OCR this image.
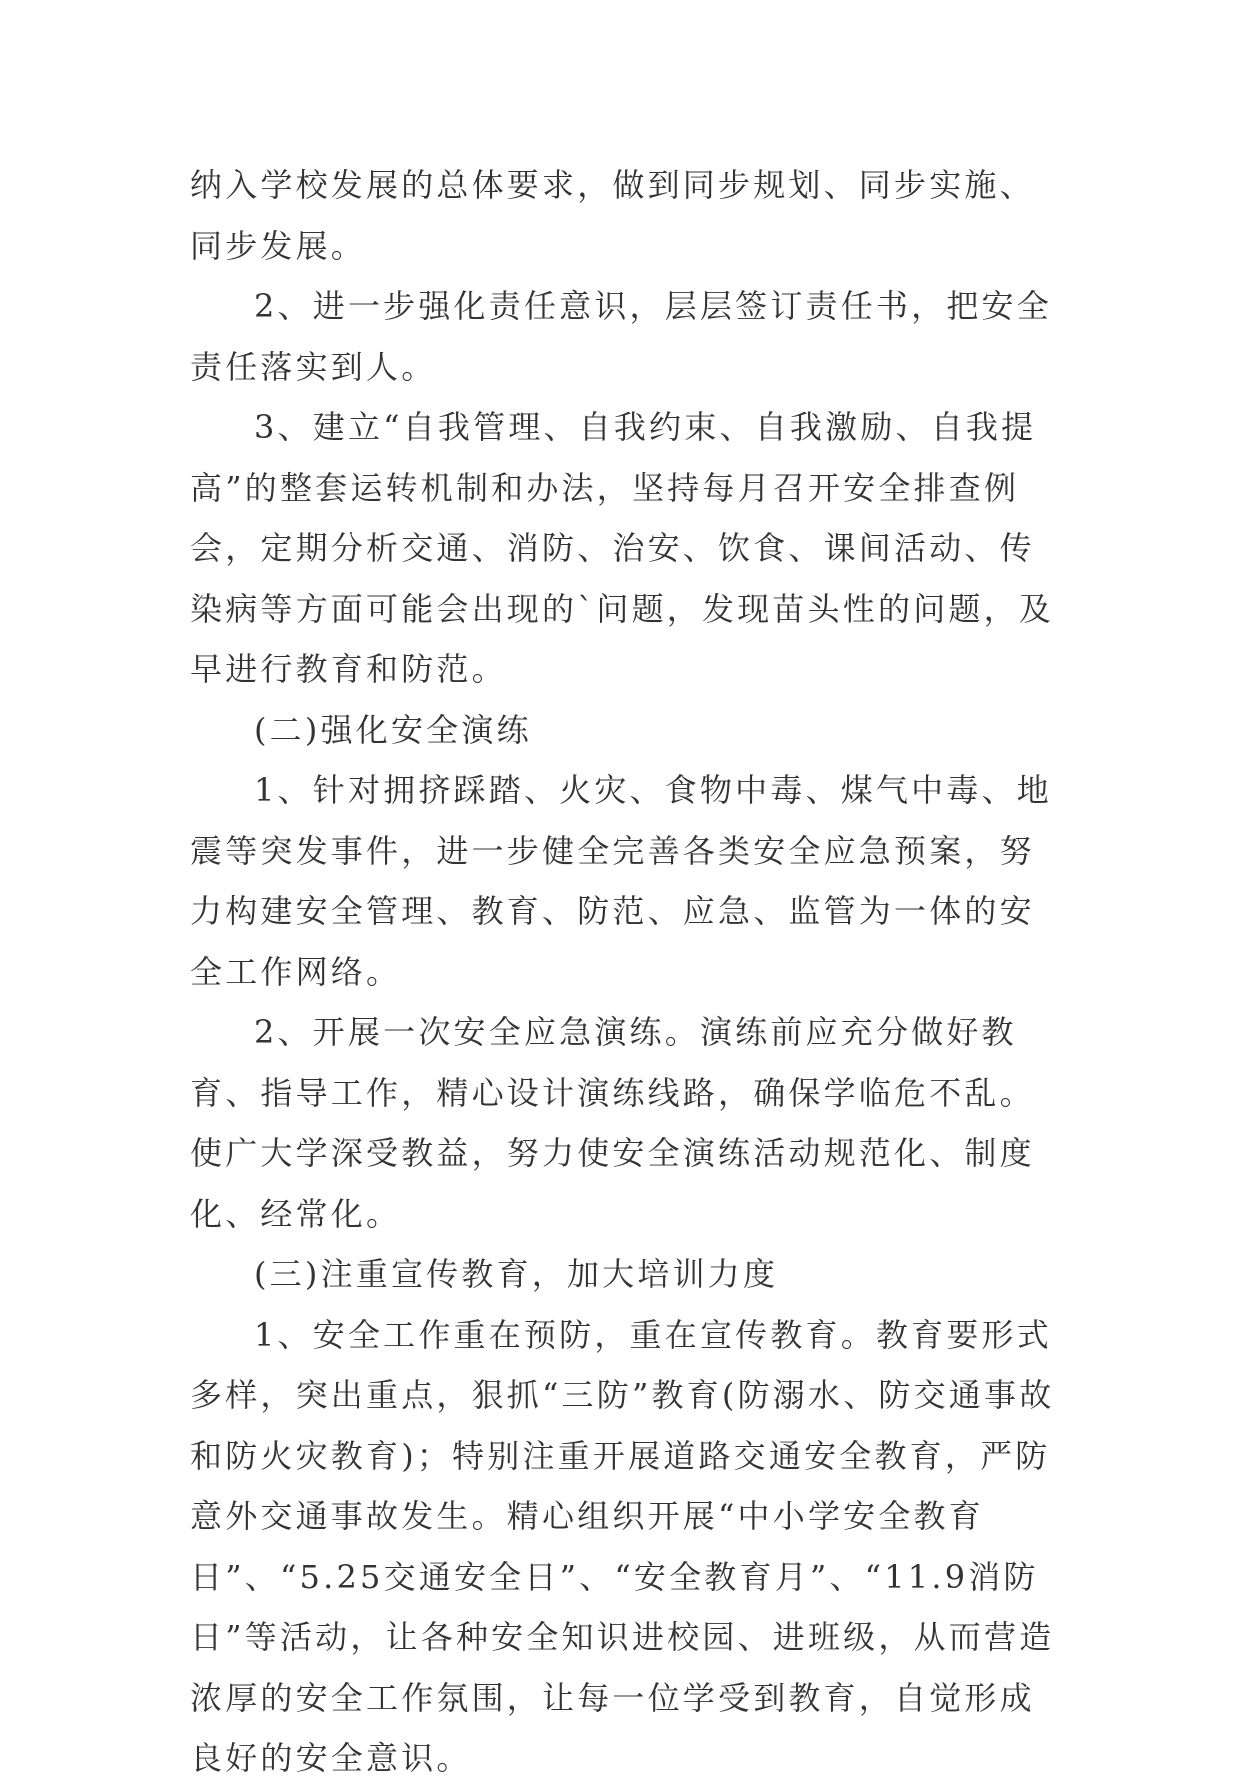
纳入学校发展的总体要求，做到同步规划、同步实施、同步发展。

2、进一步强化责任意识，层层签订责任书，把安全责任落实到人。

3、建立“自我管理、自我约束、自我激励、自我提高”的整套运转机制和办法，坚持每月召开安全排查例会，定期分析交通、消防、治安、饮食、课间活动、传染病等方面可能会出现的`问题，发现苗头性的问题，及早进行教育和防范。

(二)强化安全演练

1、针对拥挤踩踏、火灾、食物中毒、煤气中毒、地震等突发事件，进一步健全完善各类安全应急预案，努力构建安全管理、教育、防范、应急、监管为一体的安全工作网络。

2、开展一次安全应急演练。演练前应充分做好教育、指导工作，精心设计演练线路，确保学临危不乱。使广大学深受教益，努力使安全演练活动规范化、制度化、经常化。

(三)注重宣传教育，加大培训力度

1、安全工作重在预防，重在宣传教育。教育要形式多样，突出重点，狠抓“三防”教育(防溺水、防交通事故和防火灾教育)；特别注重开展道路交通安全教育，严防意外交通事故发生。精心组织开展“中小学安全教育日”、“5.25交通安全日”、“安全教育月”、“11.9消防日”等活动，让各种安全知识进校园、进班级，从而营造浓厚的安全工作氛围，让每一位学受到教育，自觉形成良好的安全意识。
